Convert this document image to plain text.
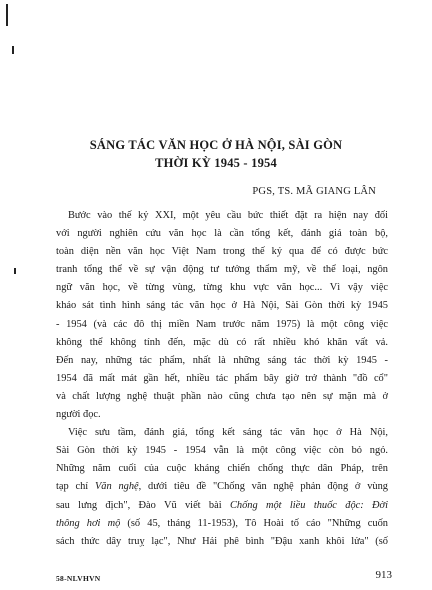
SÁNG TÁC VĂN HỌC Ở HÀ NỘI, SÀI GÒN
THỜI KỲ 1945 - 1954

PGS, TS. MÃ GIANG LÂN

Bước vào thế kỷ XXI, một yêu cầu bức thiết đặt ra hiện nay đối
với người nghiên cứu văn học là cần tổng kết, đánh giá toàn bộ,
toàn diện nền văn học Việt Nam trong thế kỷ qua để có được bức
tranh tổng thể về sự vận động tư tưởng thẩm mỹ, về thể loại, ngôn
ngữ văn học, về từng vùng, từng khu vực văn học... Vì vậy việc
khảo sát tình hình sáng tác văn học ở Hà Nội, Sài Gòn thời kỳ 1945
- 1954 (và các đô thị miền Nam trước năm 1975) là một công việc
không thể không tính đến, mặc dù có rất nhiều khó khăn vất vả.
Đến nay, những tác phẩm, nhất là những sáng tác thời kỳ 1945 -
1954 đã mất mát gần hết, nhiều tác phẩm bây giờ trở thành "đồ cổ"
và chất lượng nghệ thuật phần nào cũng chưa tạo nên sự mặn mà ở
người đọc.
Việc sưu tầm, đánh giá, tổng kết sáng tác văn học ở Hà Nội,
Sài Gòn thời kỳ 1945 - 1954 vẫn là một công việc còn bỏ ngỏ.
Những năm cuối của cuộc kháng chiến chống thực dân Pháp, trên
tạp chí Văn nghệ, dưới tiêu đề "Chống văn nghệ phản động ở vùng
sau lưng địch", Đào Vũ viết bài Chống một liều thuốc độc: Đời
thông hơi mộ (số 45, tháng 11-1953), Tô Hoài tố cáo "Những cuốn
sách thức dây truỵ lạc", Như Hải phê bình "Đậu xanh khôi lửa" (số
58-NLVHVN	913
